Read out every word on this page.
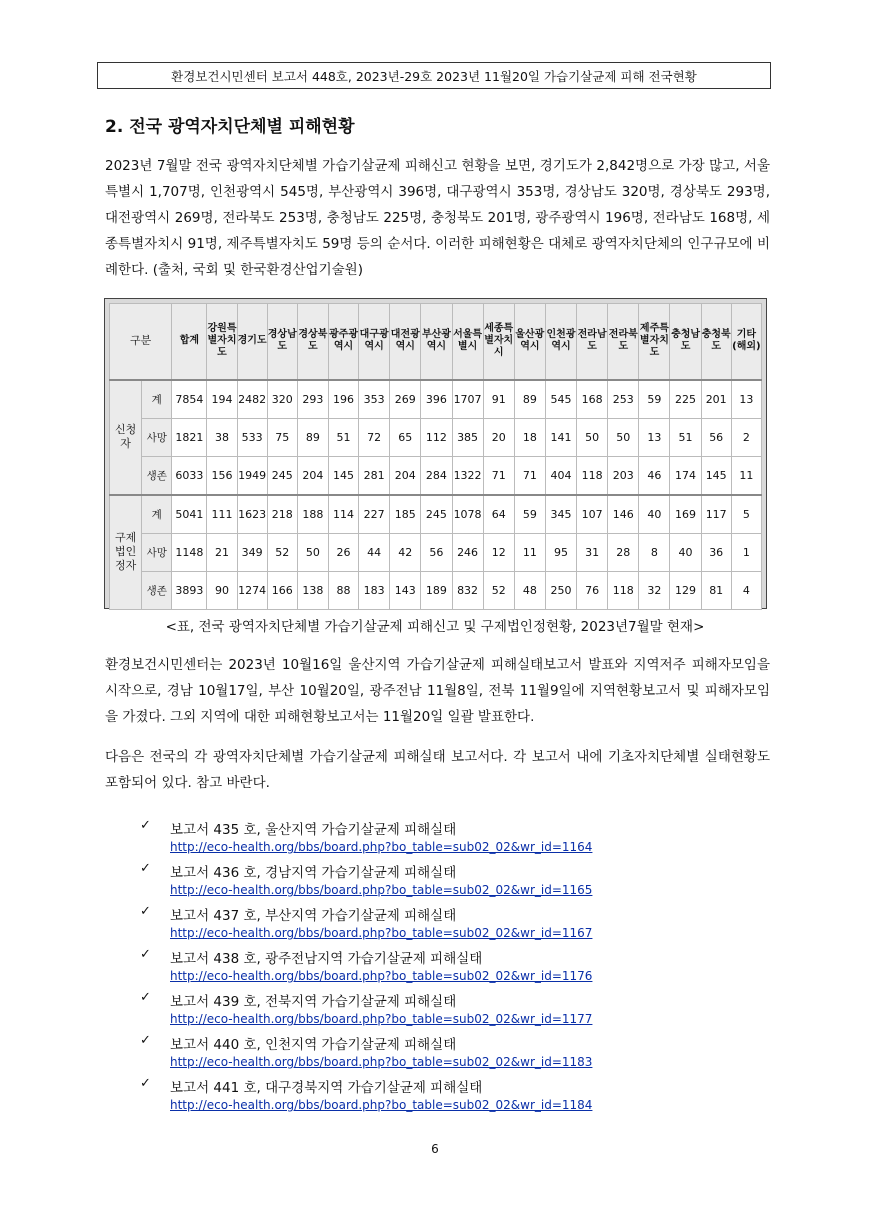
환경보건시민센터 보고서 448호, 2023년-29호 2023년 11월20일 가습기살균제 피해 전국현황
2. 전국 광역자치단체별 피해현황

2023년 7월말 전국 광역자치단체별 가습기살균제 피해신고 현황을 보면, 경기도가 2,842명으로 가장 많고, 서울특별시 1,707명, 인천광역시 545명, 부산광역시 396명, 대구광역시 353명, 경상남도 320명, 경상북도 293명, 대전광역시 269명, 전라북도 253명, 충청남도 225명, 충청북도 201명, 광주광역시 196명, 전라남도 168명, 세종특별자치시 91명, 제주특별자치도 59명 등의 순서다. 이러한 피해현황은 대체로 광역자치단체의 인구규모에 비례한다. (출처, 국회 및 한국환경산업기술원)

구분		합계	강원특별자치도	경기도	경상남도	경상북도	광주광역시	대구광역시	대전광역시	부산광역시	서울특별시	세종특별자치시	울산광역시	인천광역시	전라남도	전라북도	제주특별자치도	충청남도	충청북도	기타(해외)
신청자	계	7854	194	2482	320	293	196	353	269	396	1707	91	89	545	168	253	59	225	201	13
	사망	1821	38	533	75	89	51	72	65	112	385	20	18	141	50	50	13	51	56	2
	생존	6033	156	1949	245	204	145	281	204	284	1322	71	71	404	118	203	46	174	145	11
구제법인정자	계	5041	111	1623	218	188	114	227	185	245	1078	64	59	345	107	146	40	169	117	5
	사망	1148	21	349	52	50	26	44	42	56	246	12	11	95	31	28	8	40	36	1
	생존	3893	90	1274	166	138	88	183	143	189	832	52	48	250	76	118	32	129	81	4
<표, 전국 광역자치단체별 가습기살균제 피해신고 및 구제법인정현황, 2023년7월말 현재>

환경보건시민센터는 2023년 10월16일 울산지역 가습기살균제 피해실태보고서 발표와 지역저주 피해자모임을 시작으로, 경남 10월17일, 부산 10월20일, 광주전남 11월8일, 전북 11월9일에 지역현황보고서 및 피해자모임을 가졌다. 그외 지역에 대한 피해현황보고서는 11월20일 일괄 발표한다.

다음은 전국의 각 광역자치단체별 가습기살균제 피해실태 보고서다. 각 보고서 내에 기초자치단체별 실태현황도 포함되어 있다. 참고 바란다.

✓ 보고서 435 호, 울산지역 가습기살균제 피해실태
http://eco-health.org/bbs/board.php?bo_table=sub02_02&wr_id=1164
✓ 보고서 436 호, 경남지역 가습기살균제 피해실태
http://eco-health.org/bbs/board.php?bo_table=sub02_02&wr_id=1165
✓ 보고서 437 호, 부산지역 가습기살균제 피해실태
http://eco-health.org/bbs/board.php?bo_table=sub02_02&wr_id=1167
✓ 보고서 438 호, 광주전남지역 가습기살균제 피해실태
http://eco-health.org/bbs/board.php?bo_table=sub02_02&wr_id=1176
✓ 보고서 439 호, 전북지역 가습기살균제 피해실태
http://eco-health.org/bbs/board.php?bo_table=sub02_02&wr_id=1177
✓ 보고서 440 호, 인천지역 가습기살균제 피해실태
http://eco-health.org/bbs/board.php?bo_table=sub02_02&wr_id=1183
✓ 보고서 441 호, 대구경북지역 가습기살균제 피해실태
http://eco-health.org/bbs/board.php?bo_table=sub02_02&wr_id=1184
6
